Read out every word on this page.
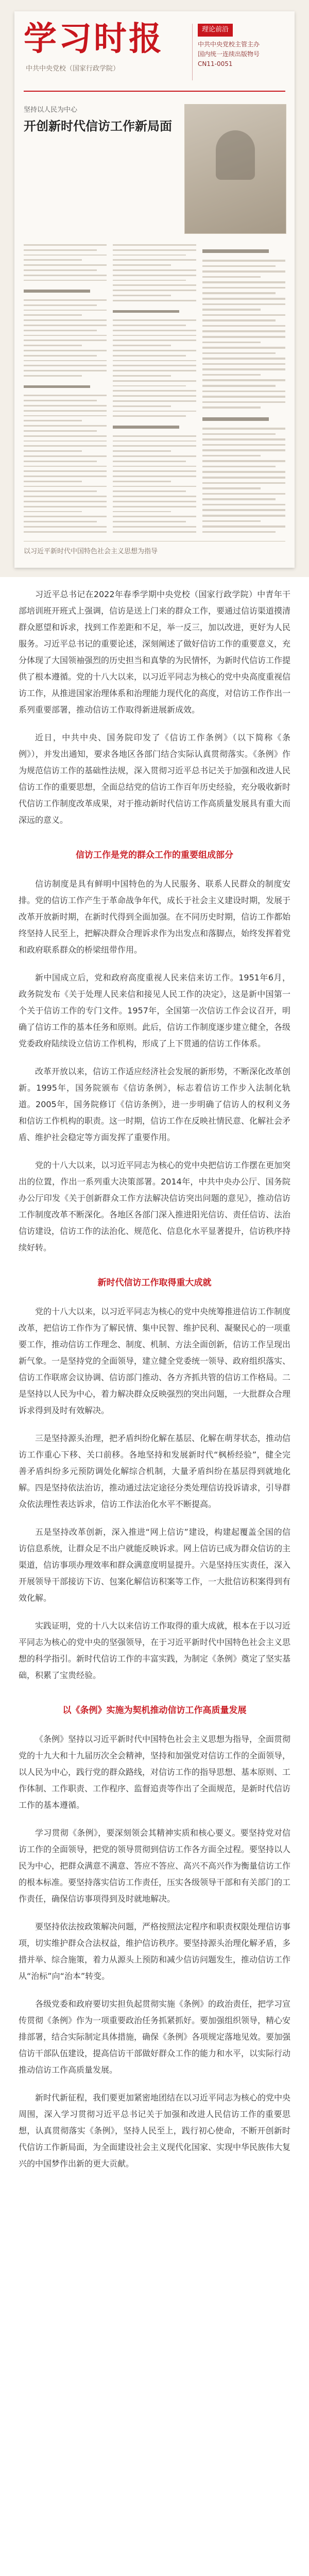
学习时报
中共中央党校（国家行政学院）
理论前沿
中共中央党校主管主办
国内统一连续出版物号
CN11-0051
坚持以人民为中心
开创新时代信访工作新局面
以习近平新时代中国特色社会主义思想为指导

习近平总书记在2022年春季学期中央党校（国家行政学院）中青年干部培训班开班式上强调，信访是送上门来的群众工作，要通过信访渠道摸清群众愿望和诉求，找到工作差距和不足，举一反三，加以改进，更好为人民服务。习近平总书记的重要论述，深刻阐述了做好信访工作的重要意义，充分体现了大国领袖强烈的历史担当和真挚的为民情怀，为新时代信访工作提供了根本遵循。党的十八大以来，以习近平同志为核心的党中央高度重视信访工作，从推进国家治理体系和治理能力现代化的高度，对信访工作作出一系列重要部署，推动信访工作取得新进展新成效。

近日，中共中央、国务院印发了《信访工作条例》（以下简称《条例》），并发出通知，要求各地区各部门结合实际认真贯彻落实。《条例》作为规范信访工作的基础性法规，深入贯彻习近平总书记关于加强和改进人民信访工作的重要思想，全面总结党的信访工作百年历史经验，充分吸收新时代信访工作制度改革成果，对于推动新时代信访工作高质量发展具有重大而深远的意义。

信访工作是党的群众工作的重要组成部分

信访制度是具有鲜明中国特色的为人民服务、联系人民群众的制度安排。党的信访工作产生于革命战争年代，成长于社会主义建设时期，发展于改革开放新时期，在新时代得到全面加强。在不同历史时期，信访工作都始终坚持人民至上，把解决群众合理诉求作为出发点和落脚点，始终发挥着党和政府联系群众的桥梁纽带作用。

新中国成立后，党和政府高度重视人民来信来访工作。1951年6月，政务院发布《关于处理人民来信和接见人民工作的决定》，这是新中国第一个关于信访工作的专门文件。1957年，全国第一次信访工作会议召开，明确了信访工作的基本任务和原则。此后，信访工作制度逐步建立健全，各级党委政府陆续设立信访工作机构，形成了上下贯通的信访工作体系。

改革开放以来，信访工作适应经济社会发展的新形势，不断深化改革创新。1995年，国务院颁布《信访条例》，标志着信访工作步入法制化轨道。2005年，国务院修订《信访条例》，进一步明确了信访人的权利义务和信访工作机构的职责。这一时期，信访工作在反映社情民意、化解社会矛盾、维护社会稳定等方面发挥了重要作用。

党的十八大以来，以习近平同志为核心的党中央把信访工作摆在更加突出的位置，作出一系列重大决策部署。2014年，中共中央办公厅、国务院办公厅印发《关于创新群众工作方法解决信访突出问题的意见》，推动信访工作制度改革不断深化。各地区各部门深入推进阳光信访、责任信访、法治信访建设，信访工作的法治化、规范化、信息化水平显著提升，信访秩序持续好转。

新时代信访工作取得重大成就

党的十八大以来，以习近平同志为核心的党中央统筹推进信访工作制度改革，把信访工作作为了解民情、集中民智、维护民利、凝聚民心的一项重要工作，推动信访工作理念、制度、机制、方法全面创新，信访工作呈现出新气象。一是坚持党的全面领导，建立健全党委统一领导、政府组织落实、信访工作联席会议协调、信访部门推动、各方齐抓共管的信访工作格局。二是坚持以人民为中心，着力解决群众反映强烈的突出问题，一大批群众合理诉求得到及时有效解决。

三是坚持源头治理，把矛盾纠纷化解在基层、化解在萌芽状态，推动信访工作重心下移、关口前移。各地坚持和发展新时代“枫桥经验”，健全完善矛盾纠纷多元预防调处化解综合机制，大量矛盾纠纷在基层得到就地化解。四是坚持依法治访，推动通过法定途径分类处理信访投诉请求，引导群众依法理性表达诉求，信访工作法治化水平不断提高。

五是坚持改革创新，深入推进“网上信访”建设，构建起覆盖全国的信访信息系统，让群众足不出户就能反映诉求。网上信访已成为群众信访的主渠道，信访事项办理效率和群众满意度明显提升。六是坚持压实责任，深入开展领导干部接访下访、包案化解信访积案等工作，一大批信访积案得到有效化解。

实践证明，党的十八大以来信访工作取得的重大成就，根本在于以习近平同志为核心的党中央的坚强领导，在于习近平新时代中国特色社会主义思想的科学指引。新时代信访工作的丰富实践，为制定《条例》奠定了坚实基础，积累了宝贵经验。

以《条例》实施为契机推动信访工作高质量发展

《条例》坚持以习近平新时代中国特色社会主义思想为指导，全面贯彻党的十九大和十九届历次全会精神，坚持和加强党对信访工作的全面领导，以人民为中心，践行党的群众路线，对信访工作的指导思想、基本原则、工作体制、工作职责、工作程序、监督追责等作出了全面规范，是新时代信访工作的基本遵循。

学习贯彻《条例》，要深刻领会其精神实质和核心要义。要坚持党对信访工作的全面领导，把党的领导贯彻到信访工作各方面全过程。要坚持以人民为中心，把群众满意不满意、答应不答应、高兴不高兴作为衡量信访工作的根本标准。要坚持落实信访工作责任，压实各级领导干部和有关部门的工作责任，确保信访事项得到及时就地解决。

要坚持依法按政策解决问题，严格按照法定程序和职责权限处理信访事项，切实维护群众合法权益，维护信访秩序。要坚持源头治理化解矛盾，多措并举、综合施策，着力从源头上预防和减少信访问题发生，推动信访工作从“治标”向“治本”转变。

各级党委和政府要切实担负起贯彻实施《条例》的政治责任，把学习宣传贯彻《条例》作为一项重要政治任务抓紧抓好。要加强组织领导，精心安排部署，结合实际制定具体措施，确保《条例》各项规定落地见效。要加强信访干部队伍建设，提高信访干部做好群众工作的能力和水平，以实际行动推动信访工作高质量发展。

新时代新征程，我们要更加紧密地团结在以习近平同志为核心的党中央周围，深入学习贯彻习近平总书记关于加强和改进人民信访工作的重要思想，认真贯彻落实《条例》，坚持人民至上，践行初心使命，不断开创新时代信访工作新局面，为全面建设社会主义现代化国家、实现中华民族伟大复兴的中国梦作出新的更大贡献。
